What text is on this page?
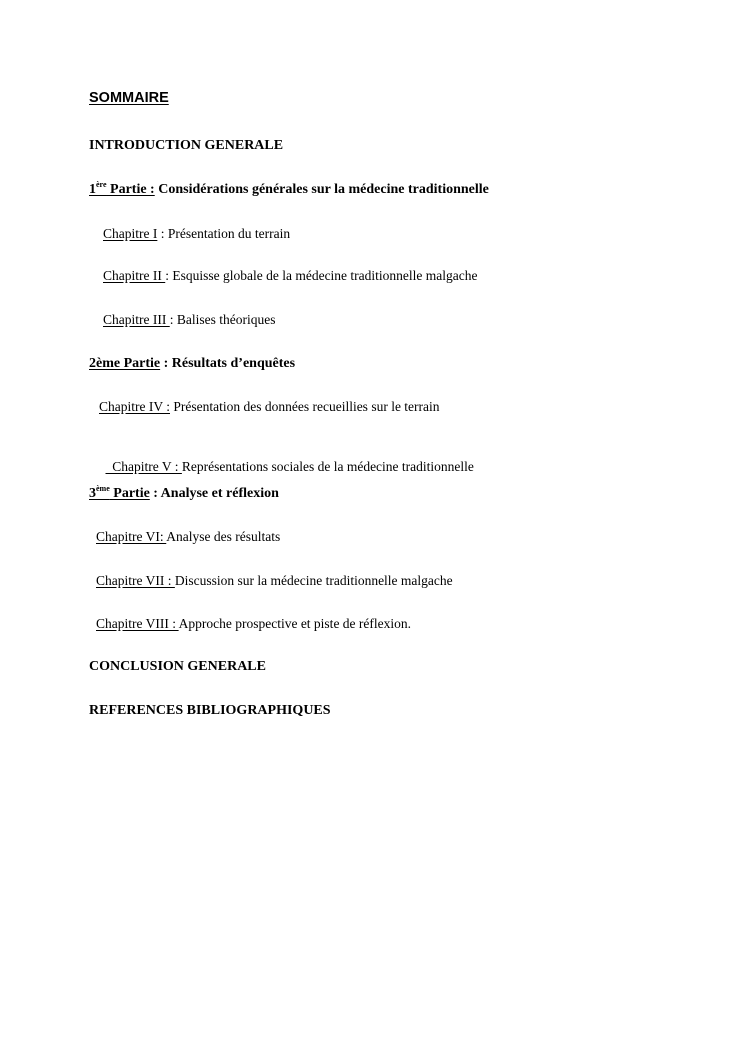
SOMMAIRE
INTRODUCTION GENERALE
1ère Partie : Considérations générales sur la médecine traditionnelle
Chapitre I : Présentation du terrain
Chapitre II : Esquisse globale de la médecine traditionnelle malgache
Chapitre III : Balises théoriques
2ème Partie : Résultats d’enquêtes
Chapitre IV : Présentation des données recueillies sur le terrain

Chapitre V : Représentations sociales de la médecine traditionnelle

3ème Partie : Analyse et réflexion
Chapitre VI: Analyse des résultats
Chapitre VII : Discussion sur la médecine traditionnelle malgache
Chapitre VIII : Approche prospective et piste de réflexion.
CONCLUSION GENERALE
REFERENCES BIBLIOGRAPHIQUES
